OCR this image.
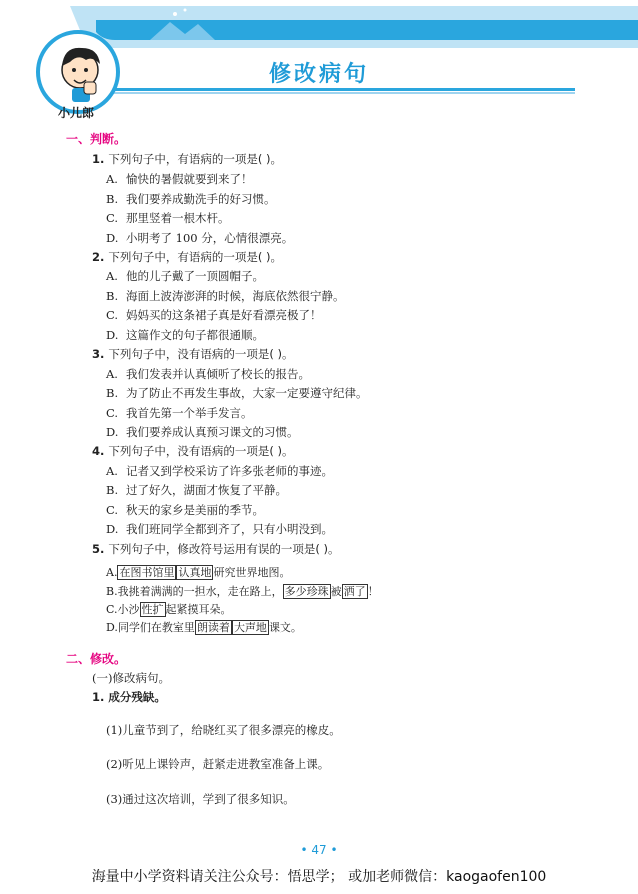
修改病句
小儿郎
一、判断。
1. 下列句子中，有语病的一项是( )。
A. 愉快的暑假就要到来了！
B. 我们要养成勤洗手的好习惯。
C. 那里竖着一根木杆。
D. 小明考了 100 分，心情很漂亮。
2. 下列句子中，有语病的一项是( )。
A. 他的儿子戴了一顶圆帽子。
B. 海面上波涛澎湃的时候，海底依然很宁静。
C. 妈妈买的这条裙子真是好看漂亮极了！
D. 这篇作文的句子都很通顺。
3. 下列句子中，没有语病的一项是( )。
A. 我们发表并认真倾听了校长的报告。
B. 为了防止不再发生事故，大家一定要遵守纪律。
C. 我首先第一个举手发言。
D. 我们要养成认真预习课文的习惯。
4. 下列句子中，没有语病的一项是( )。
A. 记者又到学校采访了许多张老师的事迹。
B. 过了好久，湖面才恢复了平静。
C. 秋天的家乡是美丽的季节。
D. 我们班同学全都到齐了，只有小明没到。
5. 下列句子中，修改符号运用有误的一项是( )。
A. 在图书馆里 认真地 研究世界地图。
B.我挑着满满的一担水，走在路上， 多少珍珠 被 洒了 ！
C.小沙 性扩 起紧摸耳朵。
D.同学们在教室里 朗读着 大声地 课文。
二、修改。
(一)修改病句。
1. 成分残缺。
(1)儿童节到了，给晓红买了很多漂亮的橡皮。
(2)听见上课铃声，赶紧走进教室准备上课。
(3)通过这次培训，学到了很多知识。
• 47 •
海量中小学资料请关注公众号：悟思学； 或加老师微信：kaogaofen100
